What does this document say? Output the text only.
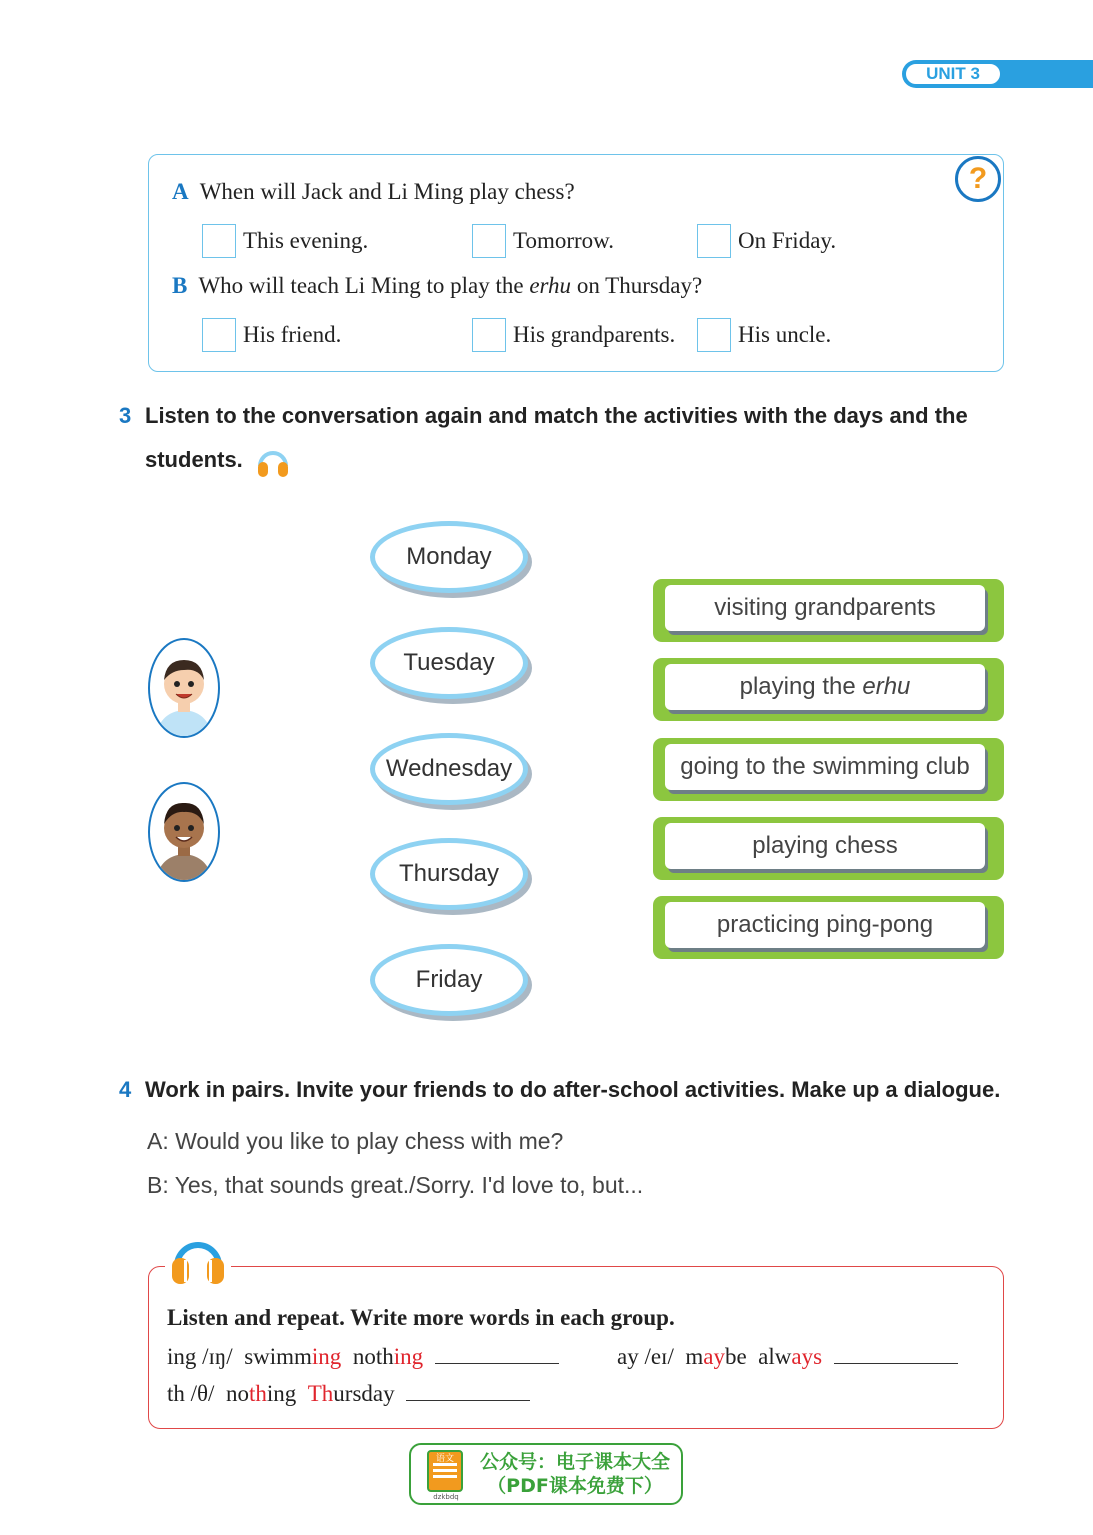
UNIT 3
?
A When will Jack and Li Ming play chess?
This evening.	Tomorrow.	On Friday.
B Who will teach Li Ming to play the erhu on Thursday?
His friend.	His grandparents.	His uncle.
3 Listen to the conversation again and match the activities with the days and the
students.
Monday
Tuesday
Wednesday
Thursday
Friday
visiting grandparents
playing the
erhu
going to the swimming club
playing chess
practicing ping-pong
4 Work in pairs. Invite your friends to do after-school activities. Make up a dialogue.
A: Would you like to play chess with me?
B: Yes, that sounds great./Sorry. I'd love to, but...
Listen and repeat. Write more words in each group.
ing /ɪŋ/ swimming nothing	ay /eɪ/ maybe always
th /θ/ nothing Thursday
语文
dzkbdq
公众号：电子课本大全
（PDF课本免费下）
